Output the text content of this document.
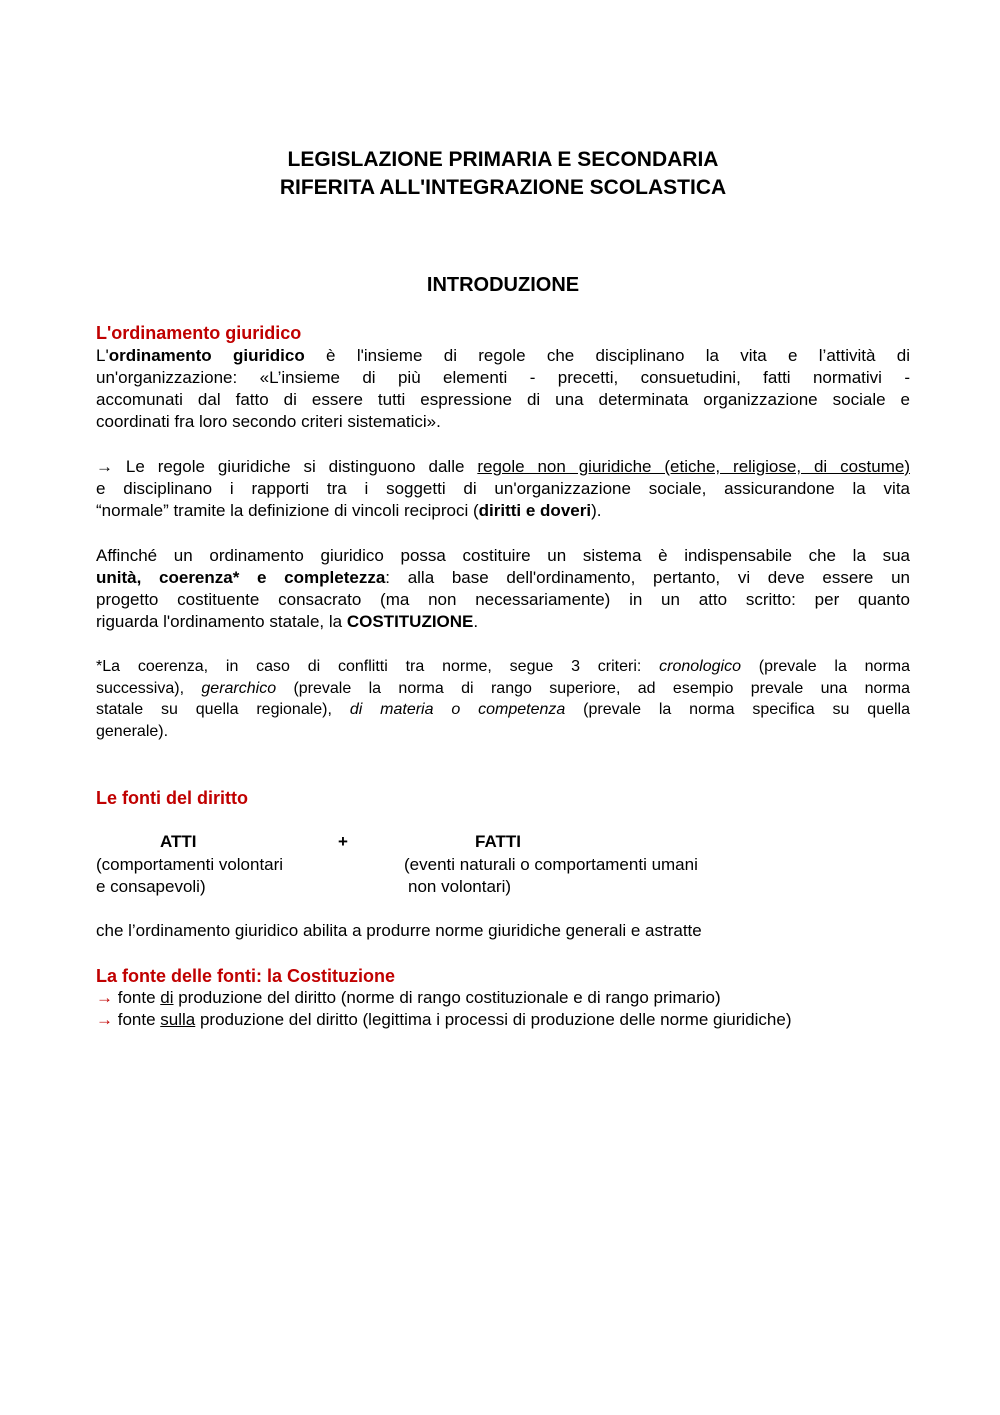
LEGISLAZIONE PRIMARIA E SECONDARIA
RIFERITA ALL'INTEGRAZIONE SCOLASTICA
INTRODUZIONE
L'ordinamento giuridico
L'ordinamento giuridico è l'insieme di regole che disciplinano la vita e l’attività di
un'organizzazione: «L’insieme di più elementi - precetti, consuetudini, fatti normativi -
accomunati dal fatto di essere tutti espressione di una determinata organizzazione sociale e
coordinati fra loro secondo criteri sistematici».
→ Le regole giuridiche si distinguono dalle regole non giuridiche (etiche, religiose, di costume)
e disciplinano i rapporti tra i soggetti di un'organizzazione sociale, assicurandone la vita
“normale” tramite la definizione di vincoli reciproci (diritti e doveri).
Affinché un ordinamento giuridico possa costituire un sistema è indispensabile che la sua
unità, coerenza* e completezza: alla base dell'ordinamento, pertanto, vi deve essere un
progetto costituente consacrato (ma non necessariamente) in un atto scritto: per quanto
riguarda l'ordinamento statale, la COSTITUZIONE.
*La coerenza, in caso di conflitti tra norme, segue 3 criteri: cronologico (prevale la norma
successiva), gerarchico (prevale la norma di rango superiore, ad esempio prevale una norma
statale su quella regionale), di materia o competenza (prevale la norma specifica su quella
generale).
Le fonti del diritto
ATTI	+	FATTI
(comportamenti volontari
e consapevoli)
(eventi naturali o comportamenti umani
non volontari)
che l’ordinamento giuridico abilita a produrre norme giuridiche generali e astratte
La fonte delle fonti: la Costituzione
→ fonte di produzione del diritto (norme di rango costituzionale e di rango primario)
→ fonte sulla produzione del diritto (legittima i processi di produzione delle norme giuridiche)
